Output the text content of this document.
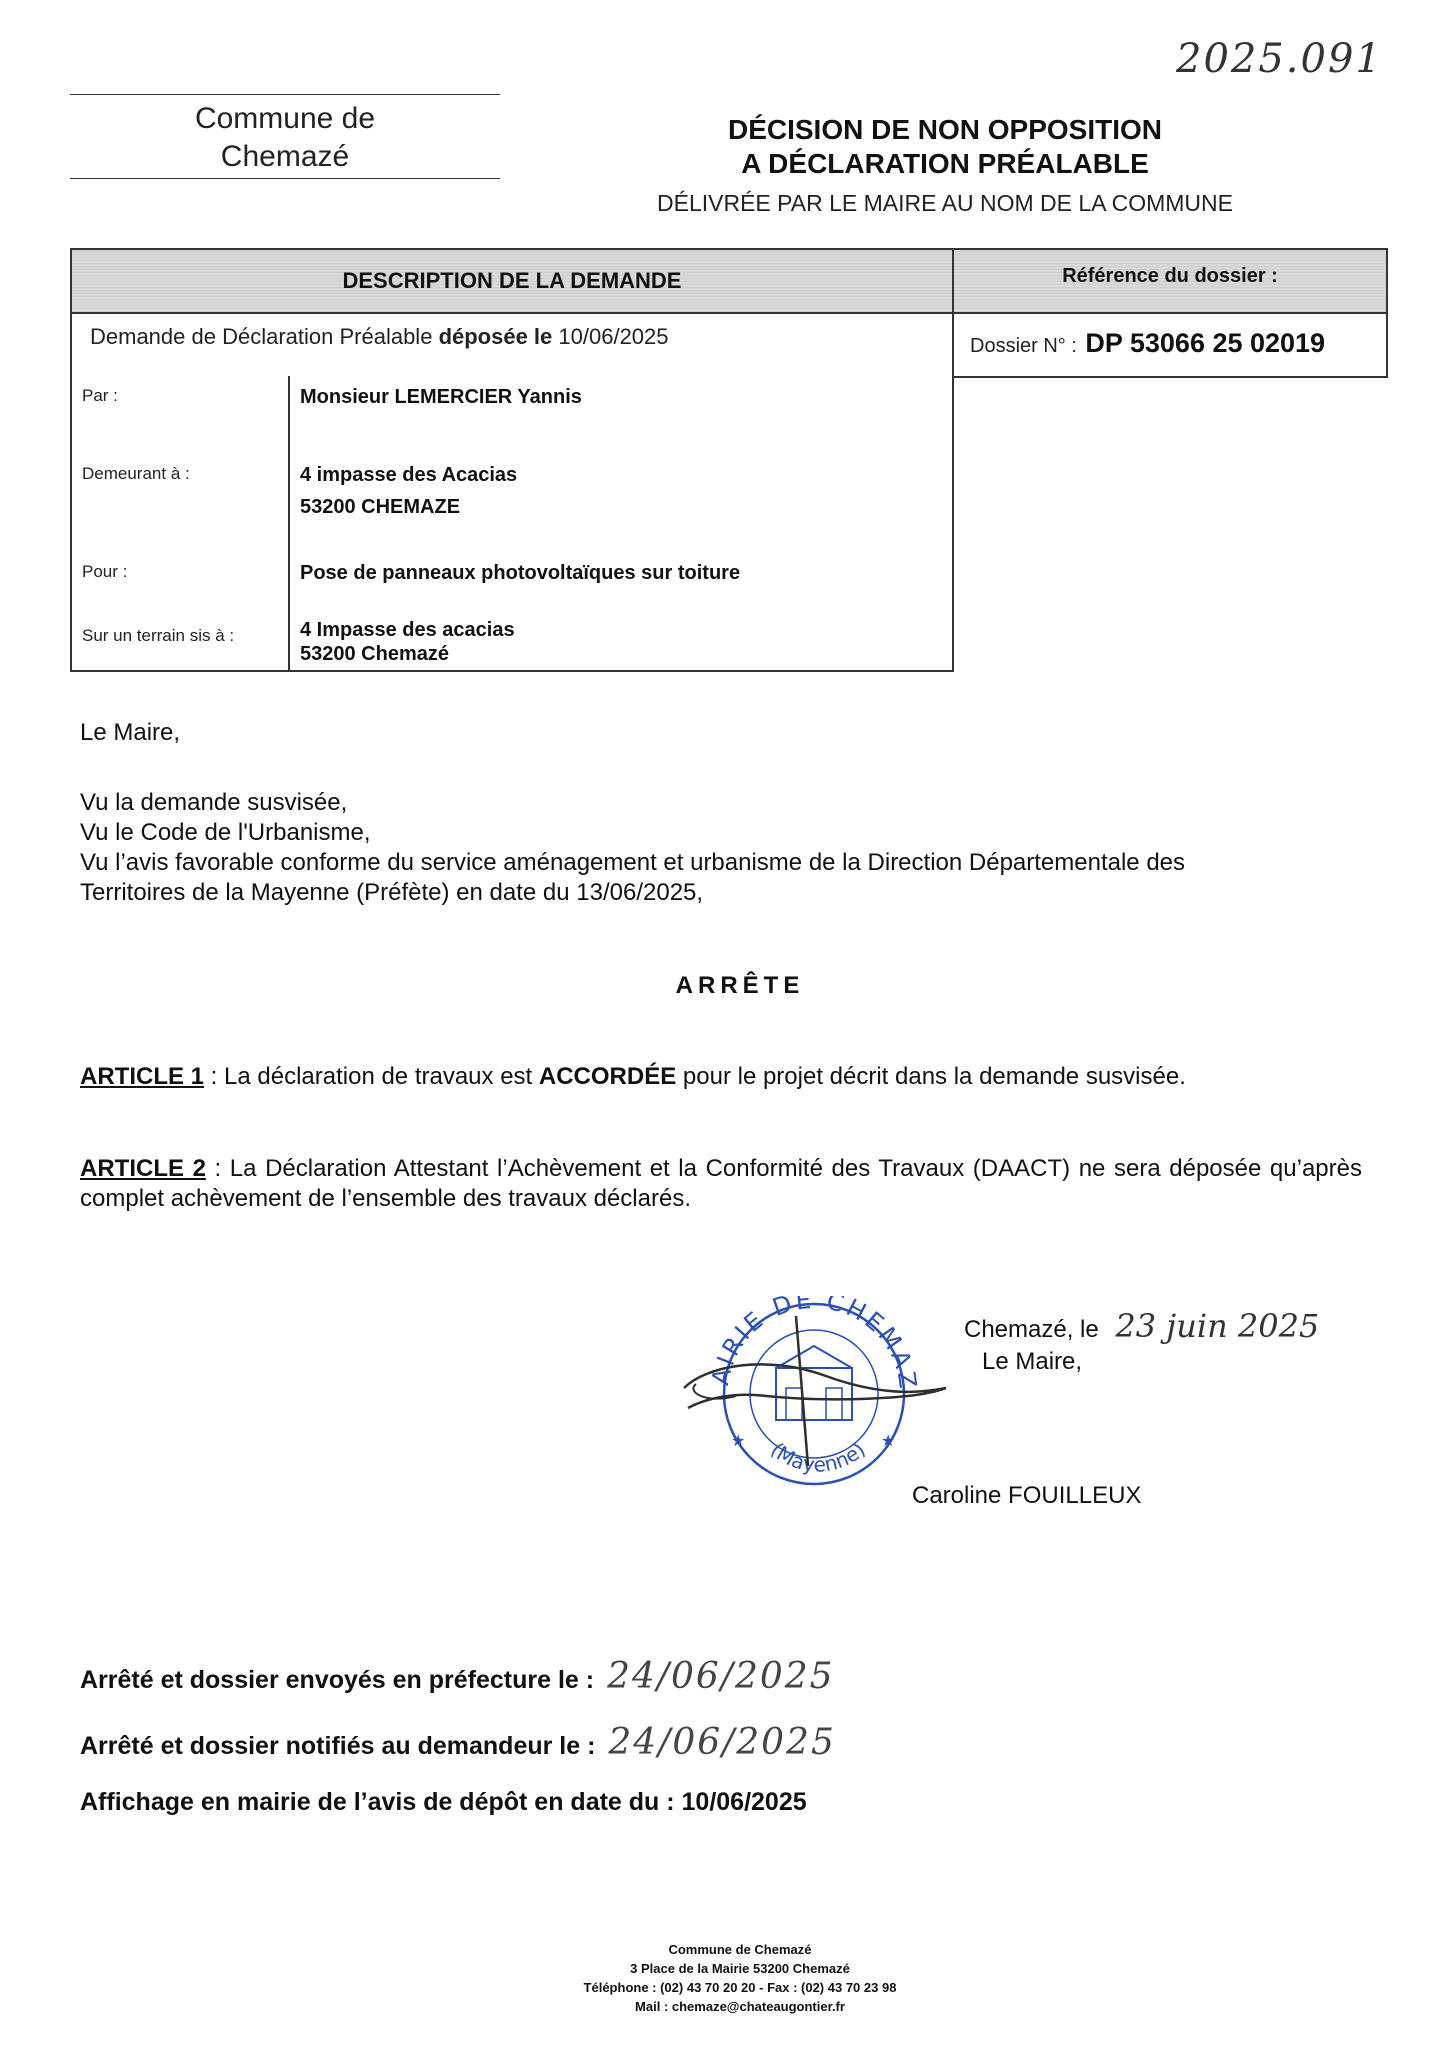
2025.091
Commune de
Chemazé
DÉCISION DE NON OPPOSITION
A DÉCLARATION PRÉALABLE
DÉLIVRÉE PAR LE MAIRE AU NOM DE LA COMMUNE
DESCRIPTION DE LA DEMANDE	Référence du dossier :
Demande de Déclaration Préalable déposée le 10/06/2025	Dossier N° : DP 53066 25 02019
Par :	Monsieur LEMERCIER Yannis
Demeurant à :	4 impasse des Acacias
53200 CHEMAZE
Pour :	Pose de panneaux photovoltaïques sur toiture
Sur un terrain sis à :	4 Impasse des acacias
53200 Chemazé
Le Maire,
Vu la demande susvisée,
Vu le Code de l'Urbanisme,
Vu l’avis favorable conforme du service aménagement et urbanisme de la Direction Départementale des
Territoires de la Mayenne (Préfète) en date du 13/06/2025,
ARRÊTE
ARTICLE 1 : La déclaration de travaux est ACCORDÉE pour le projet décrit dans la demande susvisée.
ARTICLE 2 : La Déclaration Attestant l’Achèvement et la Conformité des Travaux (DAACT) ne sera déposée qu’après complet achèvement de l’ensemble des travaux déclarés.
AIRIE DE CHEMAZ
(Mayenne)
★	★
Chemazé, le 23 juin 2025
Le Maire,
Caroline FOUILLEUX
Arrêté et dossier envoyés en préfecture le : 24/06/2025
Arrêté et dossier notifiés au demandeur le : 24/06/2025
Affichage en mairie de l’avis de dépôt en date du : 10/06/2025
Commune de Chemazé
3 Place de la Mairie 53200 Chemazé
Téléphone : (02) 43 70 20 20 - Fax : (02) 43 70 23 98
Mail : chemaze@chateaugontier.fr
